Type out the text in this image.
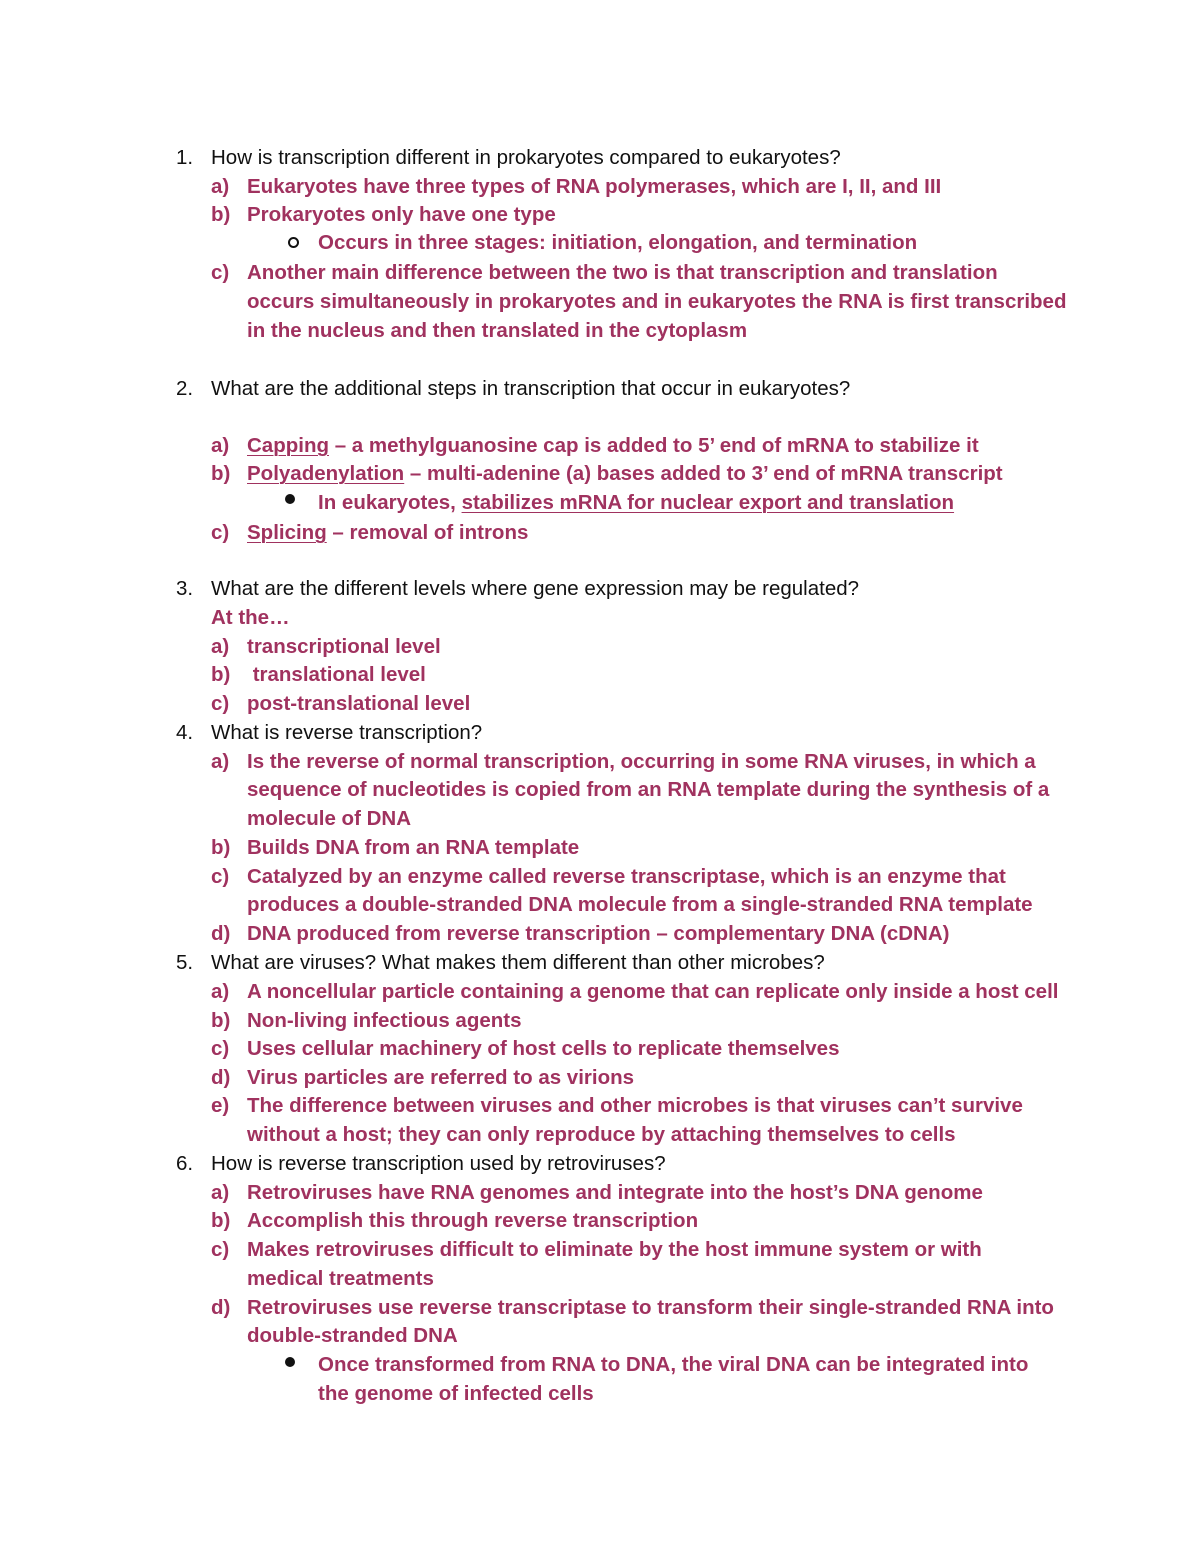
1. How is transcription different in prokaryotes compared to eukaryotes?
a) Eukaryotes have three types of RNA polymerases, which are I, II, and III
b) Prokaryotes only have one type
Occurs in three stages: initiation, elongation, and termination
c) Another main difference between the two is that transcription and translation
occurs simultaneously in prokaryotes and in eukaryotes the RNA is first transcribed
in the nucleus and then translated in the cytoplasm
2. What are the additional steps in transcription that occur in eukaryotes?
a) Capping – a methylguanosine cap is added to 5’ end of mRNA to stabilize it
b) Polyadenylation – multi-adenine (a) bases added to 3’ end of mRNA transcript
In eukaryotes, stabilizes mRNA for nuclear export and translation
c) Splicing – removal of introns
3. What are the different levels where gene expression may be regulated?
At the…
a) transcriptional level
b) translational level
c) post-translational level
4. What is reverse transcription?
a) Is the reverse of normal transcription, occurring in some RNA viruses, in which a
sequence of nucleotides is copied from an RNA template during the synthesis of a
molecule of DNA
b) Builds DNA from an RNA template
c) Catalyzed by an enzyme called reverse transcriptase, which is an enzyme that
produces a double-stranded DNA molecule from a single-stranded RNA template
d) DNA produced from reverse transcription – complementary DNA (cDNA)
5. What are viruses? What makes them different than other microbes?
a) A noncellular particle containing a genome that can replicate only inside a host cell
b) Non-living infectious agents
c) Uses cellular machinery of host cells to replicate themselves
d) Virus particles are referred to as virions
e) The difference between viruses and other microbes is that viruses can’t survive
without a host; they can only reproduce by attaching themselves to cells
6. How is reverse transcription used by retroviruses?
a) Retroviruses have RNA genomes and integrate into the host’s DNA genome
b) Accomplish this through reverse transcription
c) Makes retroviruses difficult to eliminate by the host immune system or with
medical treatments
d) Retroviruses use reverse transcriptase to transform their single-stranded RNA into
double-stranded DNA
Once transformed from RNA to DNA, the viral DNA can be integrated into
the genome of infected cells
